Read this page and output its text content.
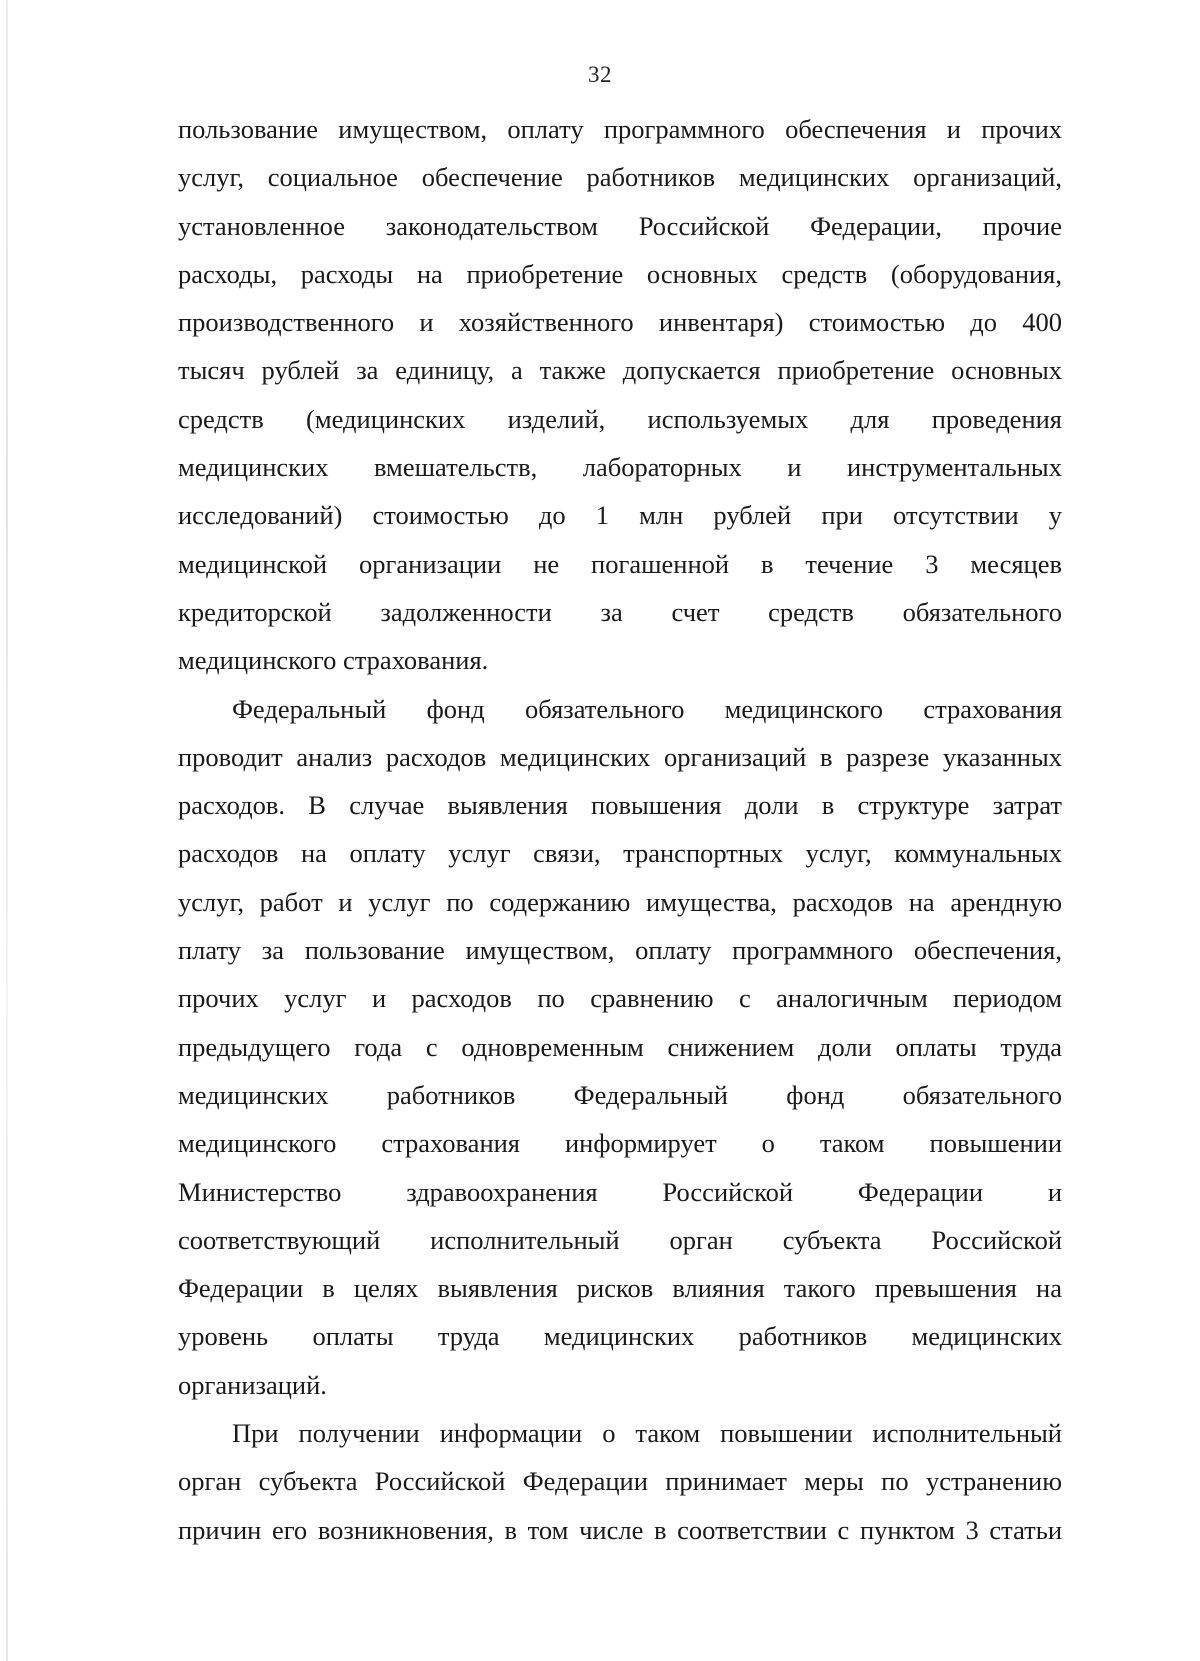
32

пользование имуществом, оплату программного обеспечения и прочих
услуг, социальное обеспечение работников медицинских организаций,
установленное законодательством Российской Федерации, прочие
расходы, расходы на приобретение основных средств (оборудования,
производственного и хозяйственного инвентаря) стоимостью до 400
тысяч рублей за единицу, а также допускается приобретение основных
средств (медицинских изделий, используемых для проведения
медицинских вмешательств, лабораторных и инструментальных
исследований) стоимостью до 1 млн рублей при отсутствии у
медицинской организации не погашенной в течение 3 месяцев
кредиторской задолженности за счет средств обязательного
медицинского страхования.

Федеральный фонд обязательного медицинского страхования
проводит анализ расходов медицинских организаций в разрезе указанных
расходов. В случае выявления повышения доли в структуре затрат
расходов на оплату услуг связи, транспортных услуг, коммунальных
услуг, работ и услуг по содержанию имущества, расходов на арендную
плату за пользование имуществом, оплату программного обеспечения,
прочих услуг и расходов по сравнению с аналогичным периодом
предыдущего года с одновременным снижением доли оплаты труда
медицинских работников Федеральный фонд обязательного
медицинского страхования информирует о таком повышении
Министерство здравоохранения Российской Федерации и
соответствующий исполнительный орган субъекта Российской
Федерации в целях выявления рисков влияния такого превышения на
уровень оплаты труда медицинских работников медицинских
организаций.

При получении информации о таком повышении исполнительный
орган субъекта Российской Федерации принимает меры по устранению
причин его возникновения, в том числе в соответствии с пунктом 3 статьи
